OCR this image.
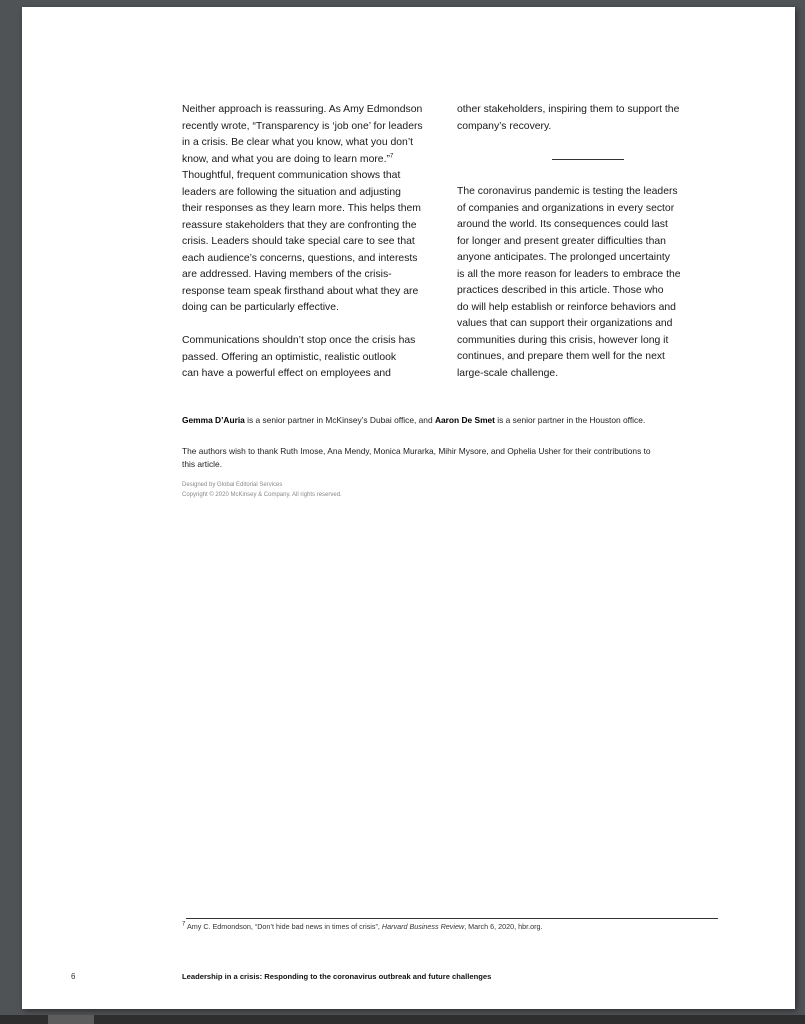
Neither approach is reassuring. As Amy Edmondson
recently wrote, “Transparency is ‘job one’ for leaders
in a crisis. Be clear what you know, what you don’t
know, and what you are doing to learn more.”$^7$
Thoughtful, frequent communication shows that
leaders are following the situation and adjusting
their responses as they learn more. This helps them
reassure stakeholders that they are confronting the
crisis. Leaders should take special care to see that
each audience’s concerns, questions, and interests
are addressed. Having members of the crisis-
response team speak firsthand about what they are
doing can be particularly effective.

Communications shouldn’t stop once the crisis has
passed. Offering an optimistic, realistic outlook
can have a powerful effect on employees and

other stakeholders, inspiring them to support the
company’s recovery.

The coronavirus pandemic is testing the leaders
of companies and organizations in every sector
around the world. Its consequences could last
for longer and present greater difficulties than
anyone anticipates. The prolonged uncertainty
is all the more reason for leaders to embrace the
practices described in this article. Those who
do will help establish or reinforce behaviors and
values that can support their organizations and
communities during this crisis, however long it
continues, and prepare them well for the next
large-scale challenge.

Gemma D’Auria is a senior partner in McKinsey’s Dubai office, and Aaron De Smet is a senior partner in the Houston office.
The authors wish to thank Ruth Imose, Ana Mendy, Monica Murarka, Mihir Mysore, and Ophelia Usher for their contributions to
this article.
Designed by Global Editorial Services
Copyright © 2020 McKinsey & Company. All rights reserved.
$^7$ Amy C. Edmondson, “Don’t hide bad news in times of crisis”, Harvard Business Review, March 6, 2020, hbr.org.
6	Leadership in a crisis: Responding to the coronavirus outbreak and future challenges
